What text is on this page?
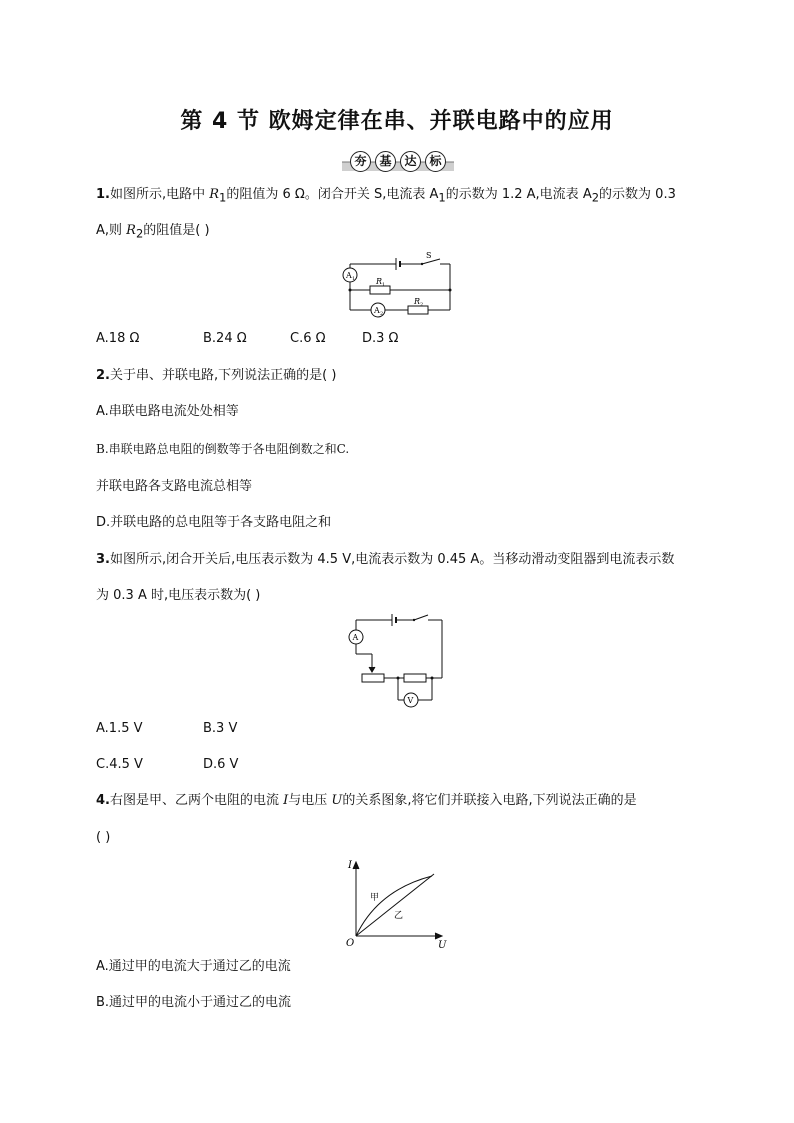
第 4 节 欧姆定律在串、并联电路中的应用
夯	基	达	标
1.如图所示,电路中 $R_1$的阻值为 6 Ω。闭合开关 S,电流表 $A_1$的示数为 1.2 A,电流表 $A_2$的示数为 0.3
A,则 $R_2$的阻值是( )
S
A 1
A 2
R 1
R 2
A.18 Ω	B.24 Ω	C.6 Ω	D.3 Ω
2.关于串、并联电路,下列说法正确的是( )
A.串联电路电流处处相等
B.串联电路总电阻的倒数等于各电阻倒数之和C.
并联电路各支路电流总相等
D.并联电路的总电阻等于各支路电阻之和
3.如图所示,闭合开关后,电压表示数为 4.5 V,电流表示数为 0.45 A。当移动滑动变阻器到电流表示数
为 0.3 A 时,电压表示数为( )
A
V
A.1.5 V	B.3 V
C.4.5 V	D.6 V
4.右图是甲、乙两个电阻的电流 I与电压 U的关系图象,将它们并联接入电路,下列说法正确的是
( )
I
U
O
甲
乙
A.通过甲的电流大于通过乙的电流
B.通过甲的电流小于通过乙的电流
